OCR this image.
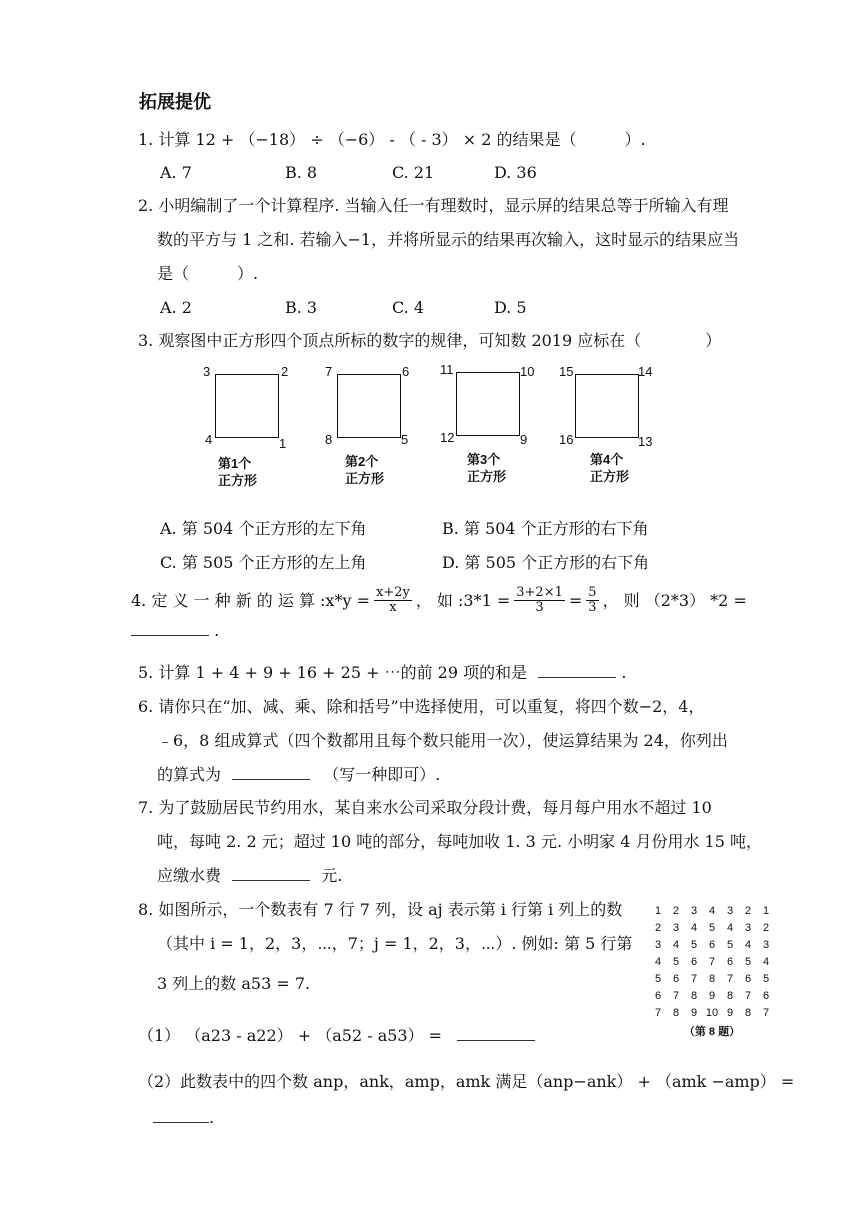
拓展提优
1. 计算 12 + （−18） ÷ （−6） - （ - 3） × 2 的结果是（　　　）.
A. 7	B. 8	C. 21	D. 36
2. 小明编制了一个计算程序. 当输入任一有理数时，显示屏的结果总等于所输入有理
数的平方与 1 之和. 若输入−1，并将所显示的结果再次输入，这时显示的结果应当
是（　　　）.
A. 2	B. 3	C. 4	D. 5
3. 观察图中正方形四个顶点所标的数字的规律，可知数 2019 应标在（　　　　）
3	2
4	1
第1个
正方形
7	6
8	5
第2个
正方形
11	10
12	9
第3个
正方形
15	14
16	13
第4个
正方形
A. 第 504 个正方形的左下角	B. 第 504 个正方形的右下角
C. 第 505 个正方形的左上角	D. 第 505 个正方形的右下角
4. 定 义 一 种 新 的 运 算 :x*y = $\frac{x+2y}{x}$ ， 如 :3*1 = $\frac{3+2\times 1}{3} = \frac{5}{3}$ ， 则 （2*3） *2 =
.
5. 计算 1 + 4 + 9 + 16 + 25 + ⋯的前 29 项的和是	.
6. 请你只在“加、减、乘、除和括号”中选择使用，可以重复，将四个数−2，4，
﹣6，8 组成算式（四个数都用且每个数只能用一次），使运算结果为 24，你列出
的算式为	（写一种即可）.
7. 为了鼓励居民节约用水，某自来水公司采取分段计费，每月每户用水不超过 10
吨，每吨 2. 2 元；超过 10 吨的部分，每吨加收 1. 3 元. 小明家 4 月份用水 15 吨，
应缴水费	元.
8. 如图所示，一个数表有 7 行 7 列，设 aj 表示第 i 行第 i 列上的数
（其中 i = 1，2，3，⋯，7；j = 1，2，3，⋯）. 例如: 第 5 行第
3 列上的数 a53 = 7.
（1） （a23 - a22） + （a52 - a53） =
（2）此数表中的四个数 anp，ank，amp，amk 满足（anp−ank） + （amk −amp） =
.
1	2	3	4	3	2	1
2	3	4	5	4	3	2
3	4	5	6	5	4	3
4	5	6	7	6	5	4
5	6	7	8	7	6	5
6	7	8	9	8	7	6
7	8	9	10	9	8	7
（第 8 题）
